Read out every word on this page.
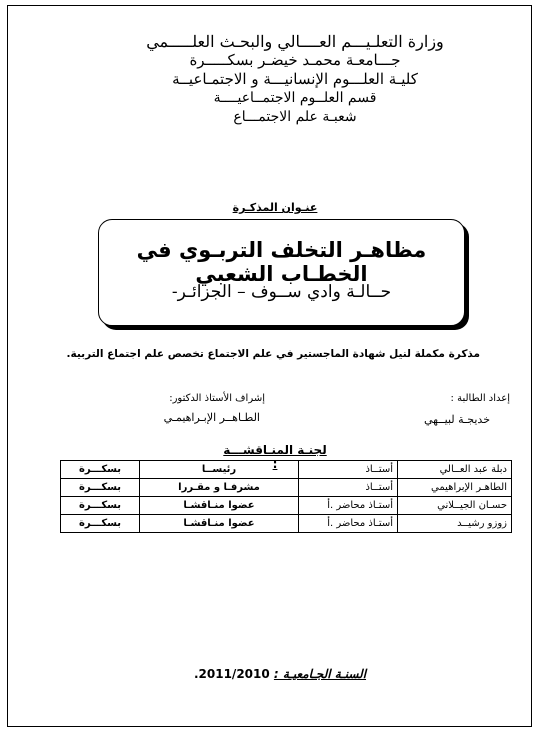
وزارة التعلـيـــم العــــالي والبحـث العلـــــمي
جـــامعـة محمـد خيضـر بسكـــــرة
كليـة العلـــوم الإنسانيـــة و الاجتمـاعيــة
قسم العلــوم الاجتمــاعيــــة
شعبـة علم الاجتمـــاع
عنـوان المذكـرة
مظاهـر التخلف التربـوي في الخطـاب الشعبي
حــالـة وادي ســوف – الجزائـر-
مذكرة مكملة لنيل شهادة الماجستير في علم الاجتماع تخصص علم اجتماع التربية.
إعداد الطالبة :
خديجـة لبيــهي
إشراف الأستاذ الدكتور:
الطـاهــر الإبـراهيمـي
لجنـة المنـاقشـــة :	دبلة عبد العــالي	أستــاذ	رئيســا	بسكـــرة
الطاهـر الإبراهيمي	أستــاذ	مشرفـا و مقـررا	بسكـــرة
حسـان الجيــلاني	أستـاذ محاضر .أ	عضوا منـاقشـا	بسكـــرة
زوزو رشيــد	أستـاذ محاضر .أ	عضوا منـاقشـا	بسكـــرة
السنـة الجـامعيـة : 2011/2010.
